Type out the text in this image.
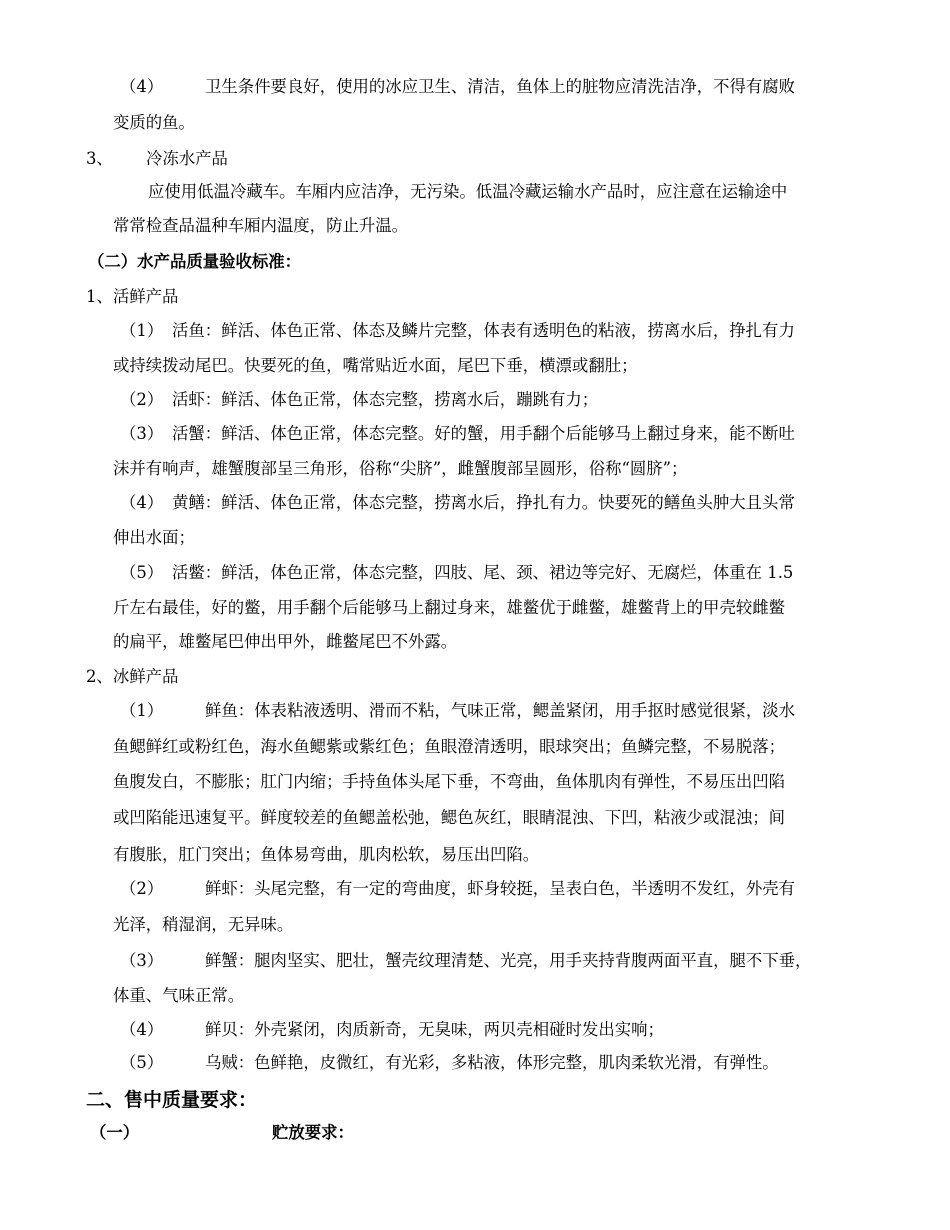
（4）	卫生条件要良好，使用的冰应卫生、清洁，鱼体上的脏物应清洗洁净，不得有腐败
变质的鱼。
3、 冷冻水产品
应使用低温冷藏车。车厢内应洁净，无污染。低温冷藏运输水产品时，应注意在运输途中
常常检查品温种车厢内温度，防止升温。
（二）水产品质量验收标准：
1、活鲜产品
（1） 活鱼：鲜活、体色正常、体态及鳞片完整，体表有透明色的粘液，捞离水后，挣扎有力
或持续拨动尾巴。快要死的鱼，嘴常贴近水面，尾巴下垂，横漂或翻肚；
（2） 活虾：鲜活、体色正常，体态完整，捞离水后，蹦跳有力；
（3） 活蟹：鲜活、体色正常，体态完整。好的蟹，用手翻个后能够马上翻过身来，能不断吐
沫并有响声，雄蟹腹部呈三角形，俗称“尖脐”，雌蟹腹部呈圆形，俗称“圆脐”；
（4） 黄鳝：鲜活、体色正常，体态完整，捞离水后，挣扎有力。快要死的鳝鱼头肿大且头常
伸出水面；
（5） 活鳖：鲜活，体色正常，体态完整，四肢、尾、颈、裙边等完好、无腐烂，体重在 1.5
斤左右最佳，好的鳖，用手翻个后能够马上翻过身来，雄鳖优于雌鳖，雄鳖背上的甲壳较雌鳖
的扁平，雄鳖尾巴伸出甲外，雌鳖尾巴不外露。
2、冰鲜产品
（1）	鲜鱼：体表粘液透明、滑而不粘，气味正常，鳃盖紧闭，用手抠时感觉很紧，淡水
鱼鳃鲜红或粉红色，海水鱼鳃紫或紫红色；鱼眼澄清透明，眼球突出；鱼鳞完整，不易脱落；
鱼腹发白，不膨胀；肛门内缩；手持鱼体头尾下垂，不弯曲，鱼体肌肉有弹性，不易压出凹陷
或凹陷能迅速复平。鲜度较差的鱼鳃盖松弛，鳃色灰红，眼睛混浊、下凹，粘液少或混浊；间
有腹胀，肛门突出；鱼体易弯曲，肌肉松软，易压出凹陷。
（2）	鲜虾：头尾完整，有一定的弯曲度，虾身较挺，呈表白色，半透明不发红，外壳有
光泽，稍湿润，无异味。
（3）	鲜蟹：腿肉坚实、肥壮，蟹壳纹理清楚、光亮，用手夹持背腹两面平直，腿不下垂，
体重、气味正常。
（4）	鲜贝：外壳紧闭，肉质新奇，无臭味，两贝壳相碰时发出实响；
（5）	乌贼：色鲜艳，皮微红，有光彩，多粘液，体形完整，肌肉柔软光滑，有弹性。
二、售中质量要求：
（一）	贮放要求：
